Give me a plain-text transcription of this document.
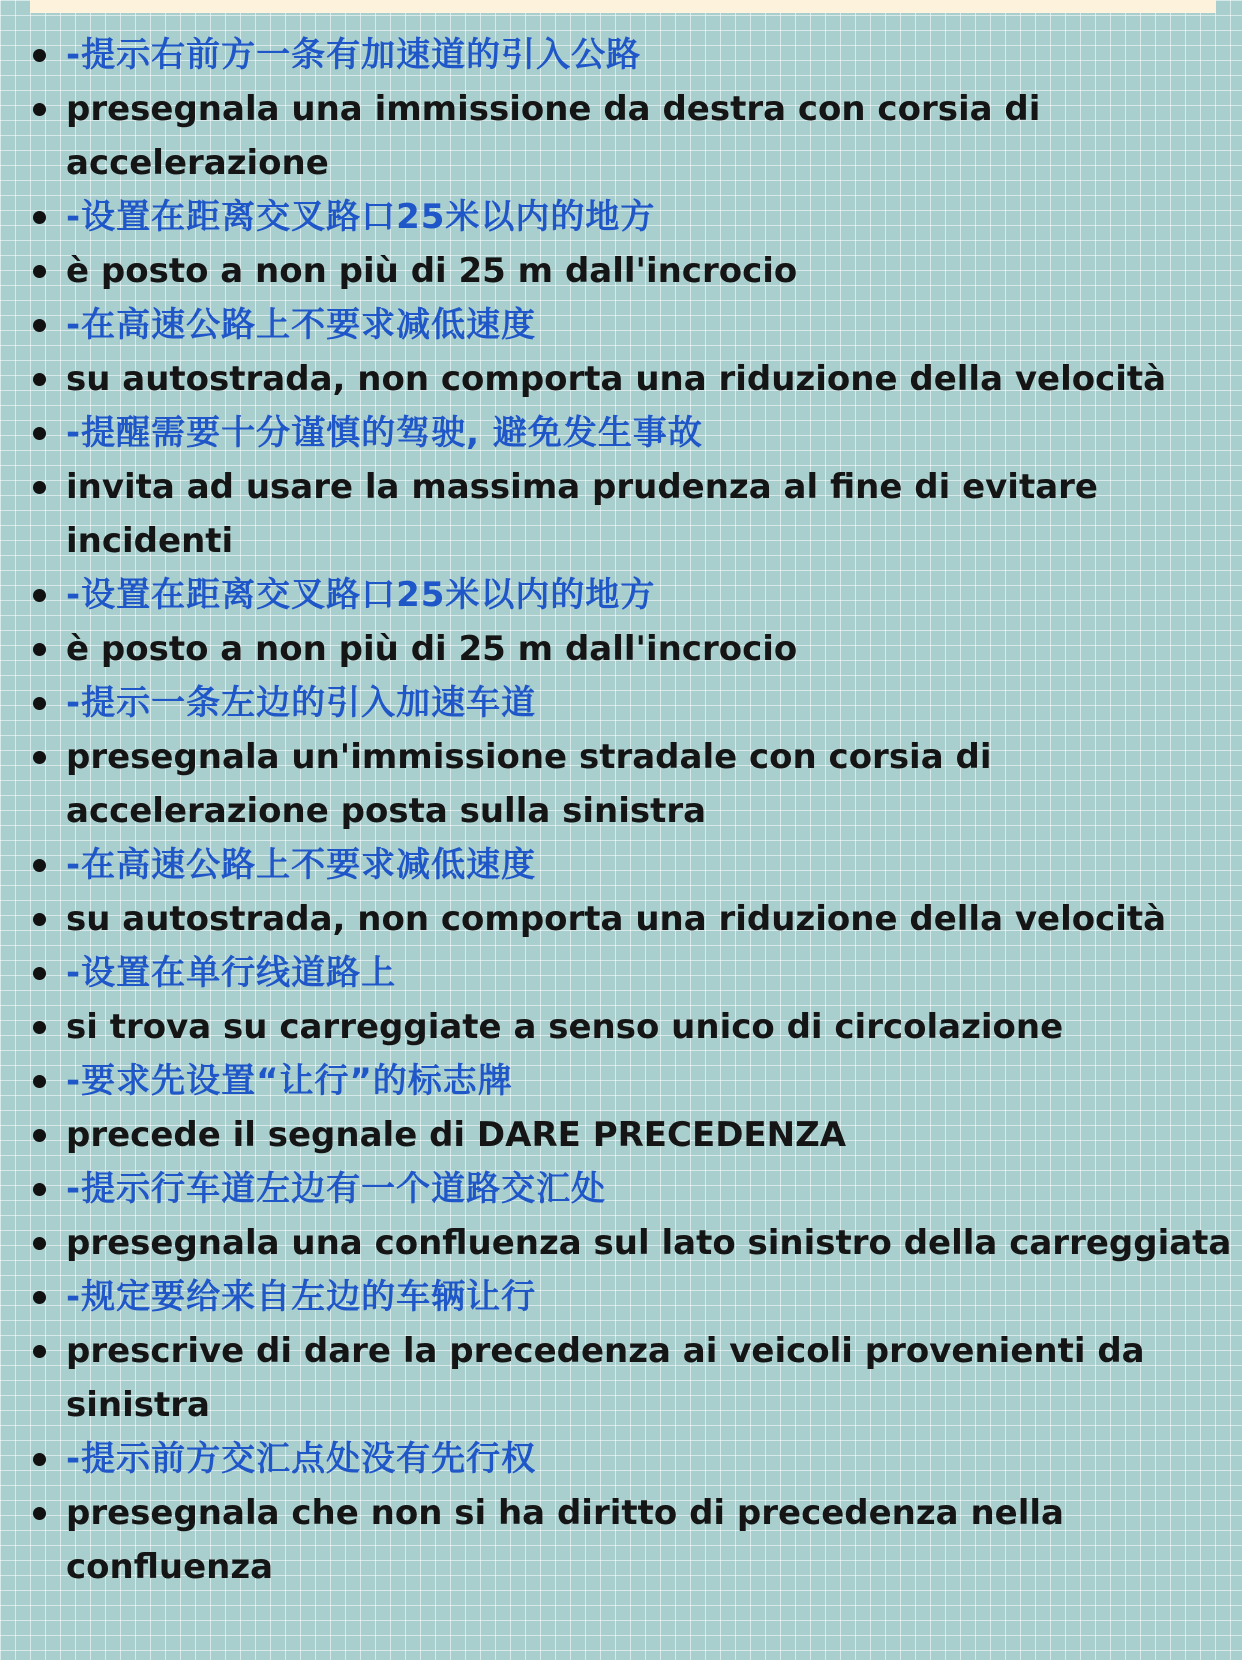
-提示右前方一条有加速道的引入公路
presegnala una immissione da destra con corsia di accelerazione
-设置在距离交叉路口25米以内的地方
è posto a non più di 25 m dall'incrocio
-在高速公路上不要求减低速度
su autostrada, non comporta una riduzione della velocità
-提醒需要十分谨慎的驾驶, 避免发生事故
invita ad usare la massima prudenza al fine di evitare incidenti
-设置在距离交叉路口25米以内的地方
è posto a non più di 25 m dall'incrocio
-提示一条左边的引入加速车道
presegnala un'immissione stradale con corsia di accelerazione posta sulla sinistra
-在高速公路上不要求减低速度
su autostrada, non comporta una riduzione della velocità
-设置在单行线道路上
si trova su carreggiate a senso unico di circolazione
-要求先设置“让行”的标志牌
precede il segnale di DARE PRECEDENZA
-提示行车道左边有一个道路交汇处
presegnala una confluenza sul lato sinistro della carreggiata
-规定要给来自左边的车辆让行
prescrive di dare la precedenza ai veicoli provenienti da sinistra
-提示前方交汇点处没有先行权
presegnala che non si ha diritto di precedenza nella confluenza
